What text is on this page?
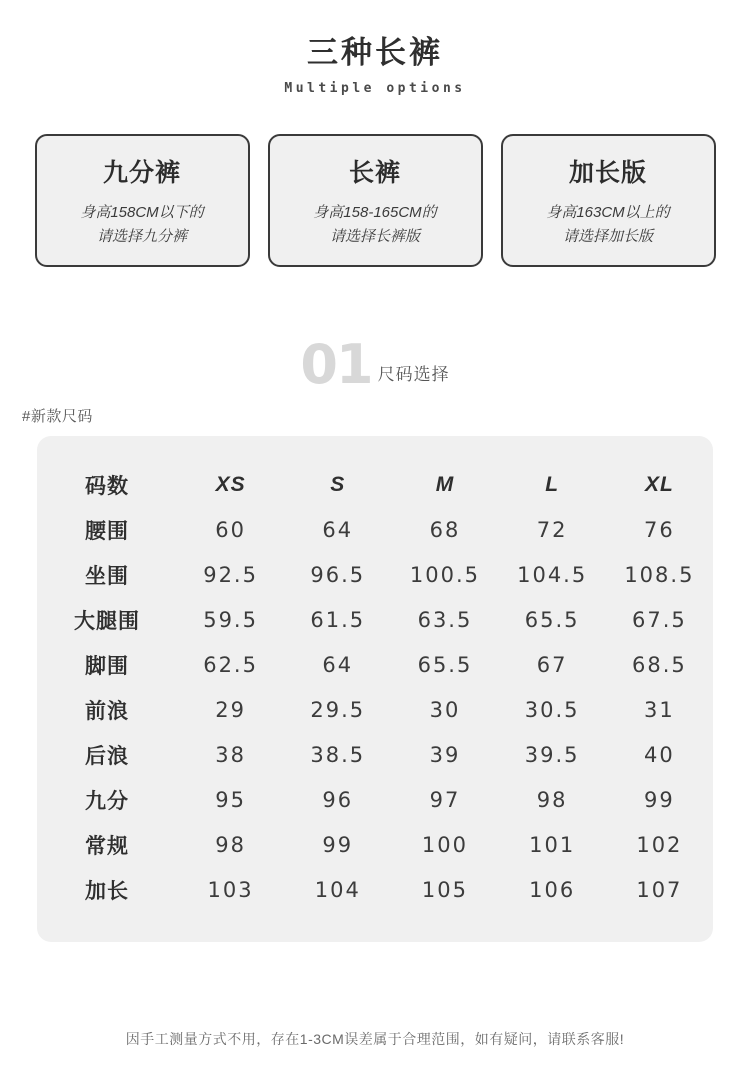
三种长裤
Multiple options
九分裤
身高158CM以下的
请选择九分裤
长裤
身高158-165CM的
请选择长裤版
加长版
身高163CM以上的
请选择加长版
01 尺码选择
#新款尺码
码数	XS	S	M	L	XL
腰围	60	64	68	72	76
坐围	92.5	96.5	100.5	104.5	108.5
大腿围	59.5	61.5	63.5	65.5	67.5
脚围	62.5	64	65.5	67	68.5
前浪	29	29.5	30	30.5	31
后浪	38	38.5	39	39.5	40
九分	95	96	97	98	99
常规	98	99	100	101	102
加长	103	104	105	106	107
因手工测量方式不用，存在1-3CM误差属于合理范围，如有疑问，请联系客服!
